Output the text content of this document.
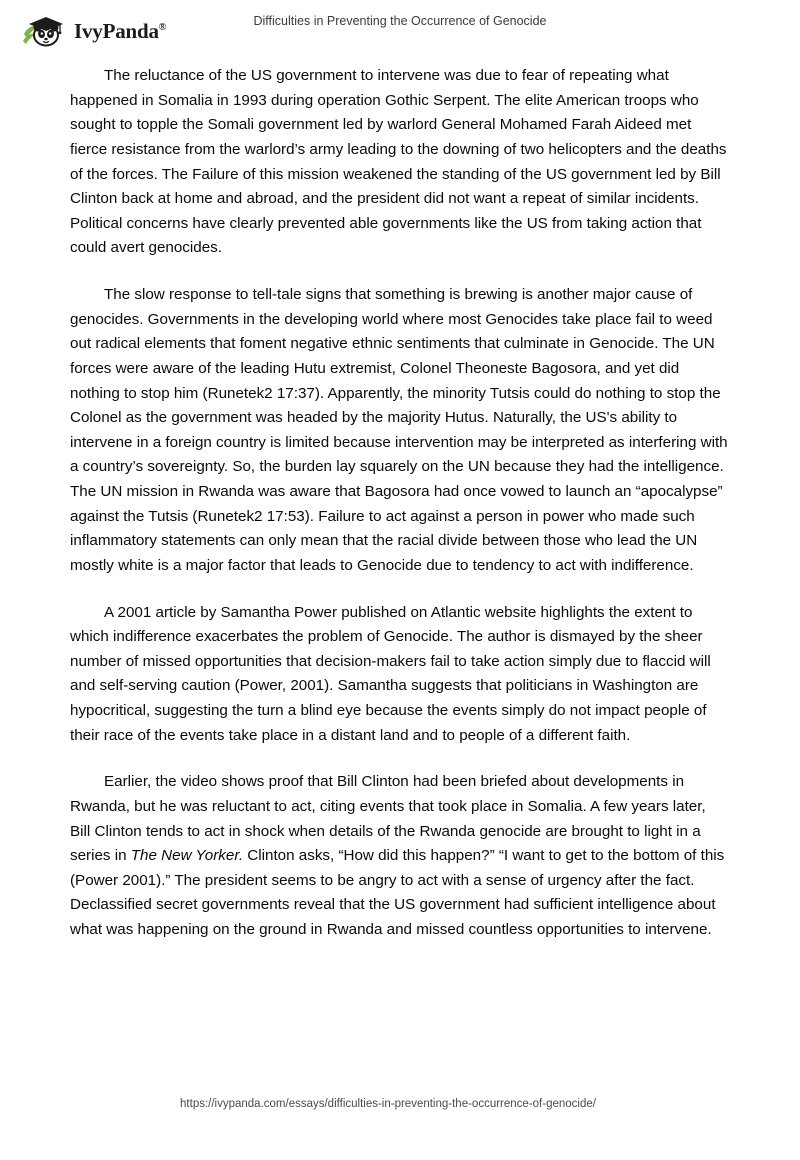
IvyPanda®	Difficulties in Preventing the Occurrence of Genocide

The reluctance of the US government to intervene was due to fear of repeating what happened in Somalia in 1993 during operation Gothic Serpent. The elite American troops who sought to topple the Somali government led by warlord General Mohamed Farah Aideed met fierce resistance from the warlord’s army leading to the downing of two helicopters and the deaths of the forces. The Failure of this mission weakened the standing of the US government led by Bill Clinton back at home and abroad, and the president did not want a repeat of similar incidents. Political concerns have clearly prevented able governments like the US from taking action that could avert genocides.

The slow response to tell-tale signs that something is brewing is another major cause of genocides. Governments in the developing world where most Genocides take place fail to weed out radical elements that foment negative ethnic sentiments that culminate in Genocide. The UN forces were aware of the leading Hutu extremist, Colonel Theoneste Bagosora, and yet did nothing to stop him (Runetek2 17:37). Apparently, the minority Tutsis could do nothing to stop the Colonel as the government was headed by the majority Hutus. Naturally, the US's ability to intervene in a foreign country is limited because intervention may be interpreted as interfering with a country’s sovereignty. So, the burden lay squarely on the UN because they had the intelligence. The UN mission in Rwanda was aware that Bagosora had once vowed to launch an “apocalypse” against the Tutsis (Runetek2 17:53). Failure to act against a person in power who made such inflammatory statements can only mean that the racial divide between those who lead the UN mostly white is a major factor that leads to Genocide due to tendency to act with indifference.

A 2001 article by Samantha Power published on Atlantic website highlights the extent to which indifference exacerbates the problem of Genocide. The author is dismayed by the sheer number of missed opportunities that decision-makers fail to take action simply due to flaccid will and self-serving caution (Power, 2001). Samantha suggests that politicians in Washington are hypocritical, suggesting the turn a blind eye because the events simply do not impact people of their race of the events take place in a distant land and to people of a different faith.

Earlier, the video shows proof that Bill Clinton had been briefed about developments in Rwanda, but he was reluctant to act, citing events that took place in Somalia. A few years later, Bill Clinton tends to act in shock when details of the Rwanda genocide are brought to light in a series in The New Yorker. Clinton asks, “How did this happen?” “I want to get to the bottom of this (Power 2001).” The president seems to be angry to act with a sense of urgency after the fact. Declassified secret governments reveal that the US government had sufficient intelligence about what was happening on the ground in Rwanda and missed countless opportunities to intervene.

https://ivypanda.com/essays/difficulties-in-preventing-the-occurrence-of-genocide/
